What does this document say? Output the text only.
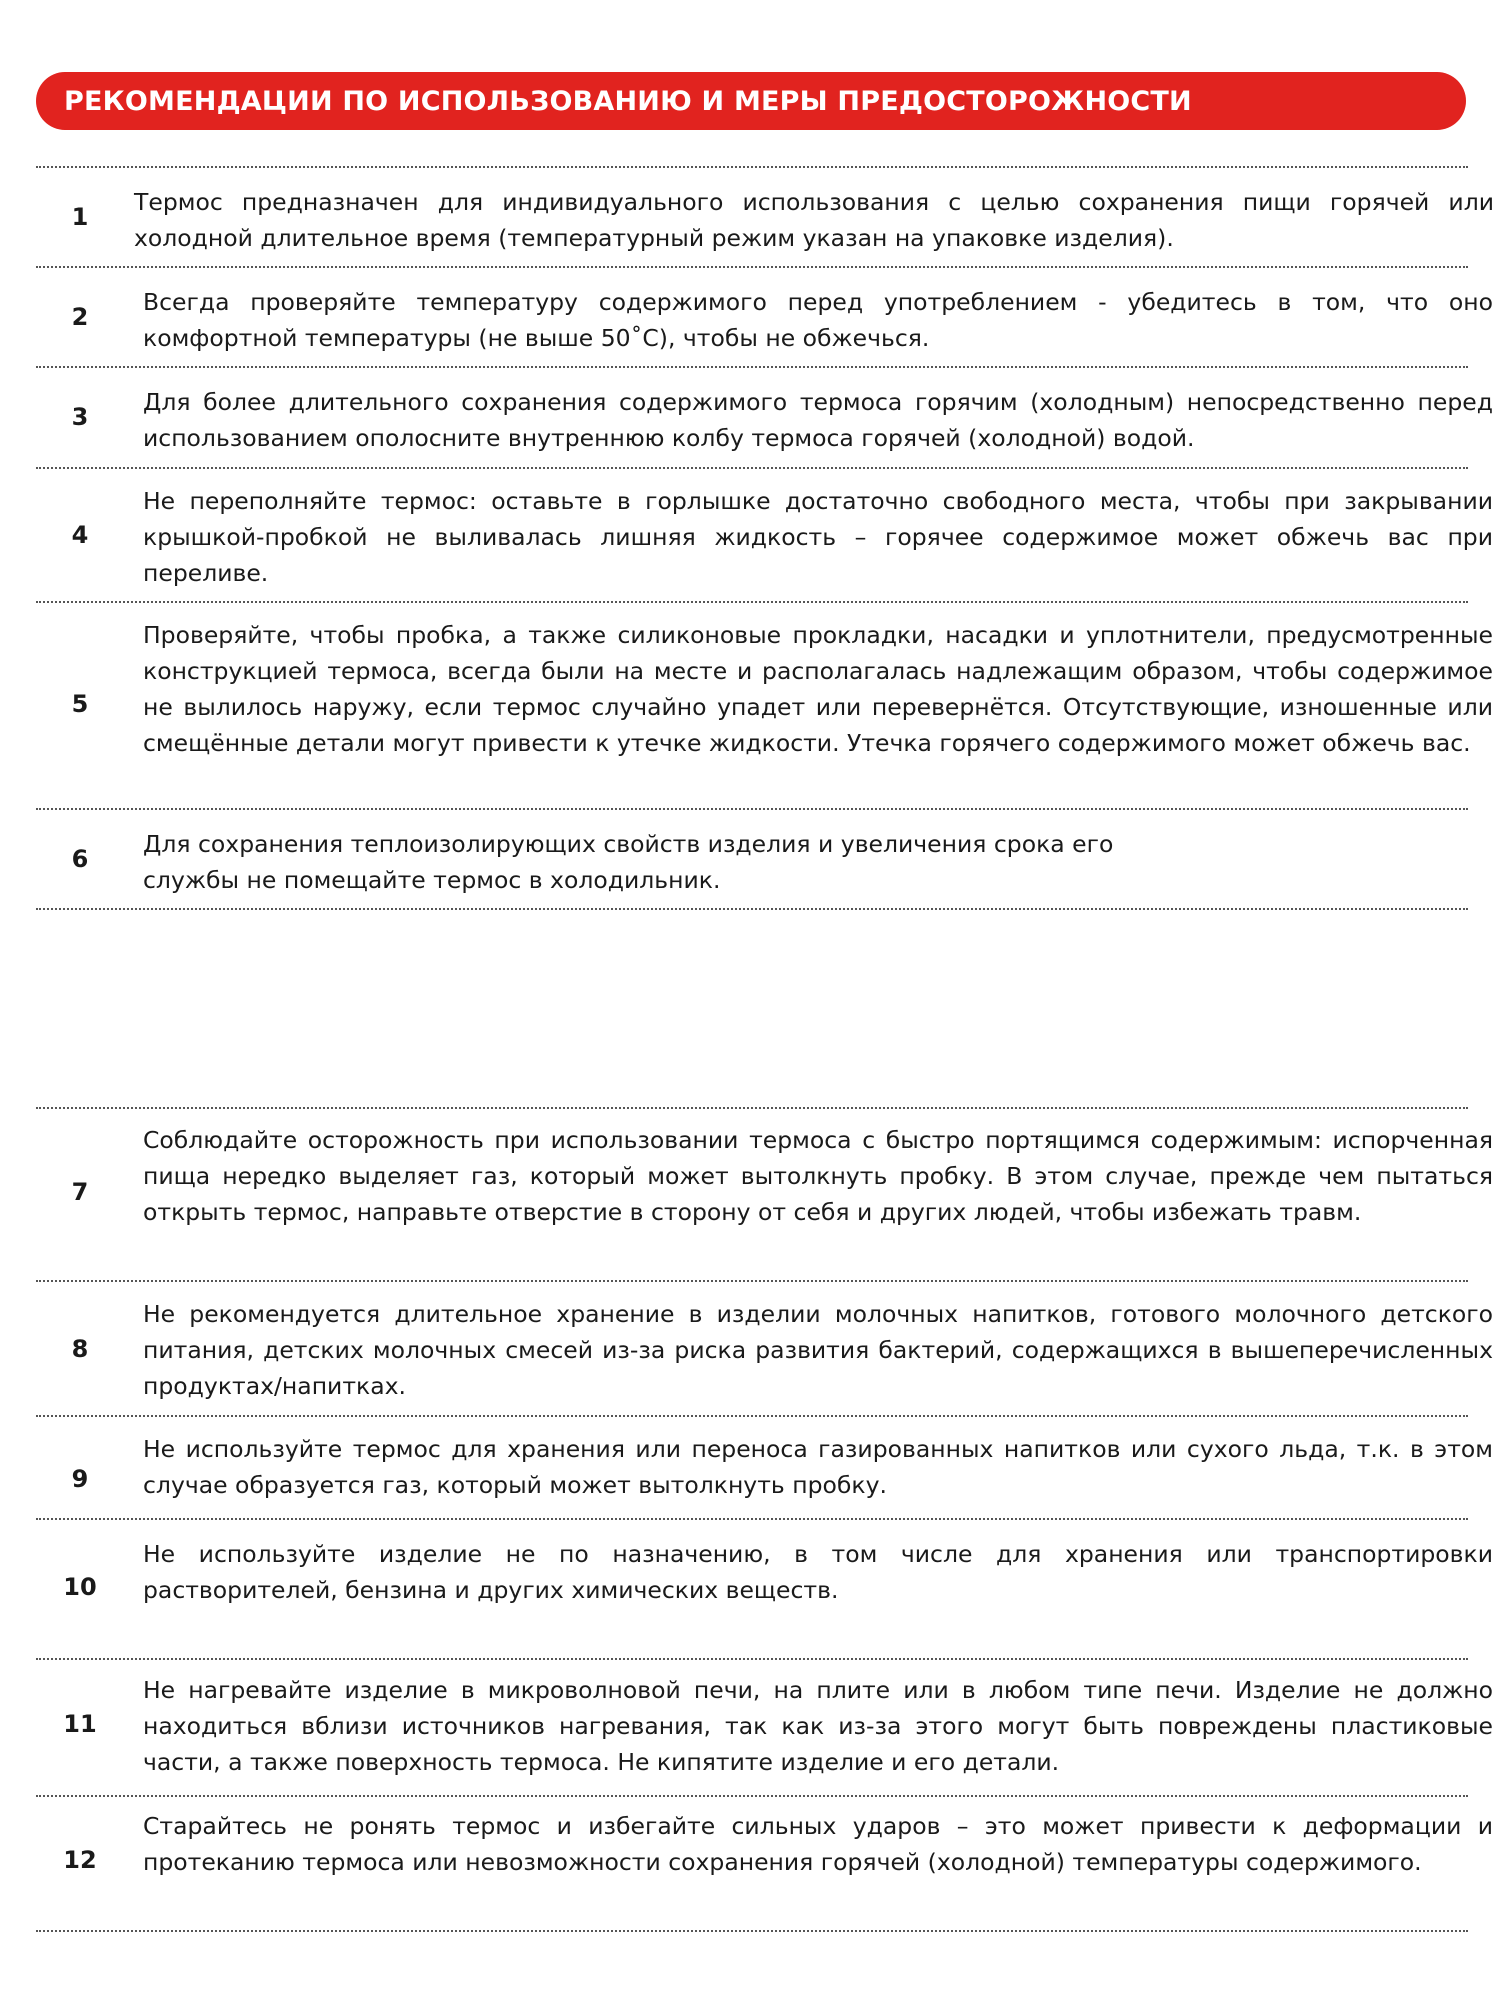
РЕКОМЕНДАЦИИ ПО ИСПОЛЬЗОВАНИЮ И МЕРЫ ПРЕДОСТОРОЖНОСТИ
1
Термос предназначен для индивидуального использования с целью сохранения пищи горячей или холодной длительное время (температурный режим указан на упаковке изделия).
2
Всегда проверяйте температуру содержимого перед употреблением - убедитесь в том, что оно комфортной температуры (не выше 50˚С), чтобы не обжечься.
3
Для более длительного сохранения содержимого термоса горячим (холодным) непосредственно перед использованием ополосните внутреннюю колбу термоса горячей (холодной) водой.
4
Не переполняйте термос: оставьте в горлышке достаточно свободного места, чтобы при закрывании крышкой-пробкой не выливалась лишняя жидкость – горячее содержимое может обжечь вас при переливе.
5
Проверяйте, чтобы пробка, а также силиконовые прокладки, насадки и уплотнители, предусмотренные конструкцией термоса, всегда были на месте и располагалась надлежащим образом, чтобы содержимое не вылилось наружу, если термос случайно упадет или перевернётся. Отсутствующие, изношенные или смещённые детали могут привести к утечке жидкости. Утечка горячего содержимого может обжечь вас.
6
Для сохранения теплоизолирующих свойств изделия и увеличения срока его службы не помещайте термос в холодильник.
7
Соблюдайте осторожность при использовании термоса с быстро портящимся содержимым: испорченная пища нередко выделяет газ, который может вытолкнуть пробку. В этом случае, прежде чем пытаться открыть термос, направьте отверстие в сторону от себя и других людей, чтобы избежать травм.
8
Не рекомендуется длительное хранение в изделии молочных напитков, готового молочного детского питания, детских молочных смесей из-за риска развития бактерий, содержащихся в вышеперечисленных продуктах/напитках.
9
Не используйте термос для хранения или переноса газированных напитков или сухого льда, т.к. в этом случае образуется газ, который может вытолкнуть пробку.
10
Не используйте изделие не по назначению, в том числе для хранения или транспортировки растворителей, бензина и других химических веществ.
11
Не нагревайте изделие в микроволновой печи, на плите или в любом типе печи. Изделие не должно находиться вблизи источников нагревания, так как из-за этого могут быть повреждены пластиковые части, а также поверхность термоса. Не кипятите изделие и его детали.
12
Старайтесь не ронять термос и избегайте сильных ударов – это может привести к деформации и протеканию термоса или невозможности сохранения горячей (холодной) температуры содержимого.
